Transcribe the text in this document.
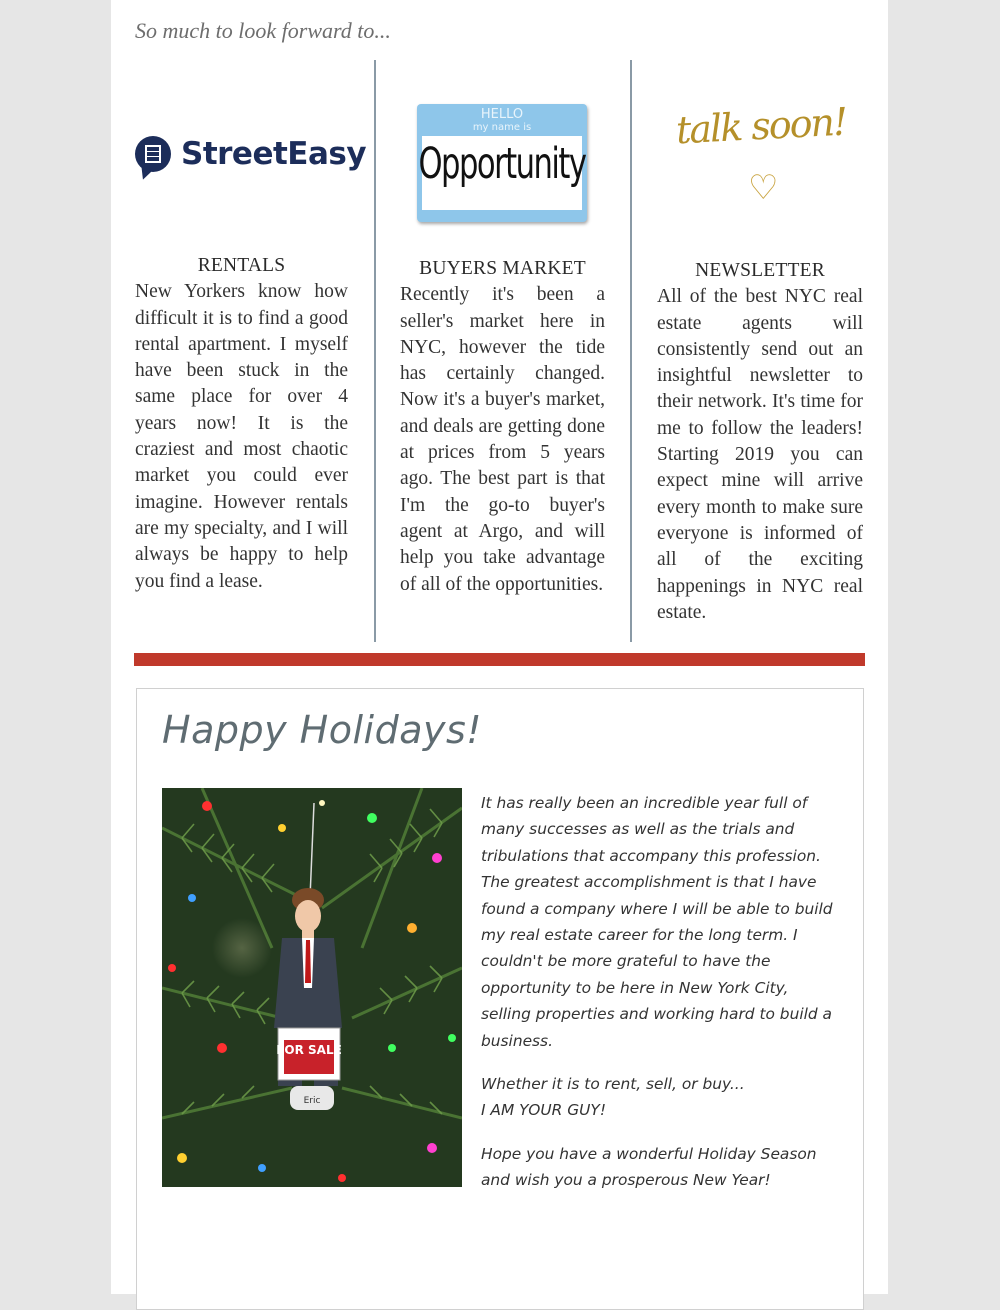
So much to look forward to...
StreetEasy
HELLO
my name is
Opportunity
talk soon!
♡
RENTALS

New Yorkers know how difficult it is to find a good rental apartment. I myself have been stuck in the same place for over 4 years now! It is the craziest and most chaotic market you could ever imagine. However rentals are my specialty, and I will always be happy to help you find a lease.

BUYERS MARKET

Recently it's been a seller's market here in NYC, however the tide has certainly changed. Now it's a buyer's market, and deals are getting done at prices from 5 years ago. The best part is that I'm the go-to buyer's agent at Argo, and will help you take advantage of all of the opportunities.

NEWSLETTER

All of the best NYC real estate agents will consistently send out an insightful newsletter to their network. It's time for me to follow the leaders! Starting 2019 you can expect mine will arrive every month to make sure everyone is informed of all of the exciting happenings in NYC real estate.

Happy Holidays!
FOR SALE
Eric

It has really been an incredible year full of many successes as well as the trials and tribulations that accompany this profession. The greatest accomplishment is that I have found a company where I will be able to build my real estate career for the long term. I couldn't be more grateful to have the opportunity to be here in New York City, selling properties and working hard to build a business.

Whether it is to rent, sell, or buy...
I AM YOUR GUY!

Hope you have a wonderful Holiday Season and wish you a prosperous New Year!
